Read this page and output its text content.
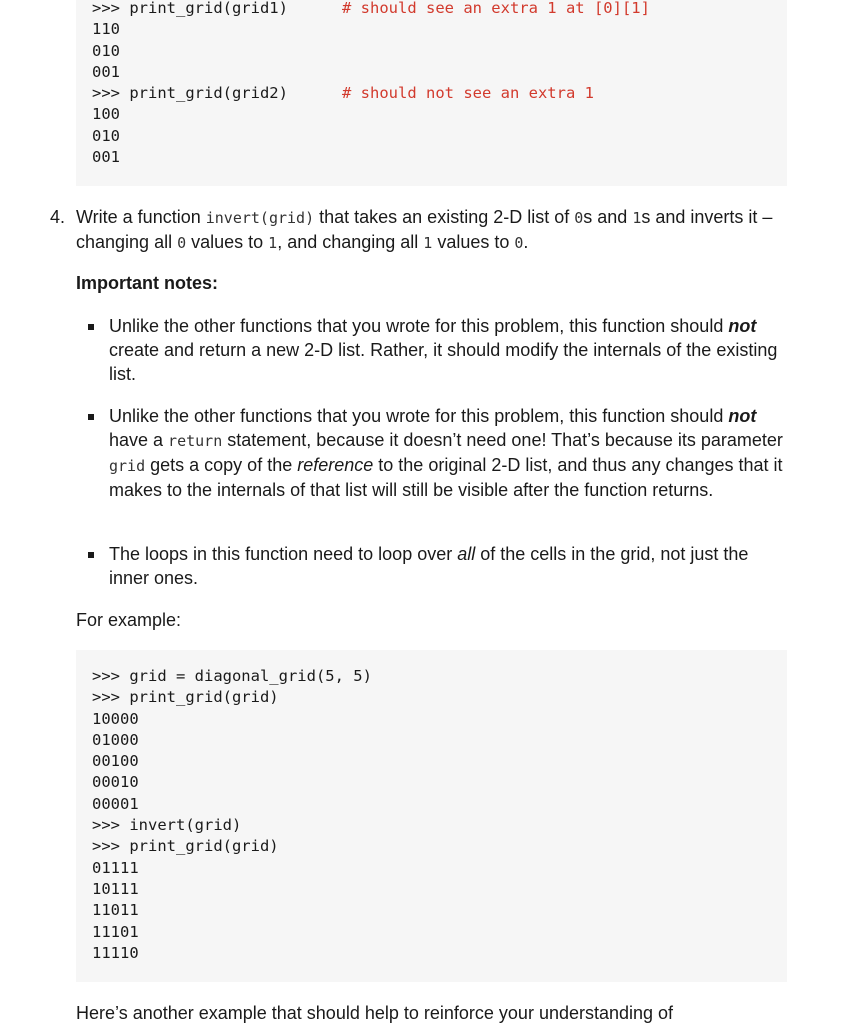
>>> print_grid(grid1)	# should see an extra 1 at [0][1]
110
010
001
>>> print_grid(grid2)	# should not see an extra 1
100
010
001
4. Write a function invert(grid) that takes an existing 2-D list of 0s and 1s and inverts it – changing all 0 values to 1, and changing all 1 values to 0.
Important notes:
Unlike the other functions that you wrote for this problem, this function should not create and return a new 2-D list. Rather, it should modify the internals of the existing list.
Unlike the other functions that you wrote for this problem, this function should not have a return statement, because it doesn’t need one! That’s because its parameter grid gets a copy of the reference to the original 2-D list, and thus any changes that it makes to the internals of that list will still be visible after the function returns.
The loops in this function need to loop over all of the cells in the grid, not just the inner ones.
For example:
>>> grid = diagonal_grid(5, 5)
>>> print_grid(grid)
10000
01000
00100
00010
00001
>>> invert(grid)
>>> print_grid(grid)
01111
10111
11011
11101
11110
Here’s another example that should help to reinforce your understanding of
